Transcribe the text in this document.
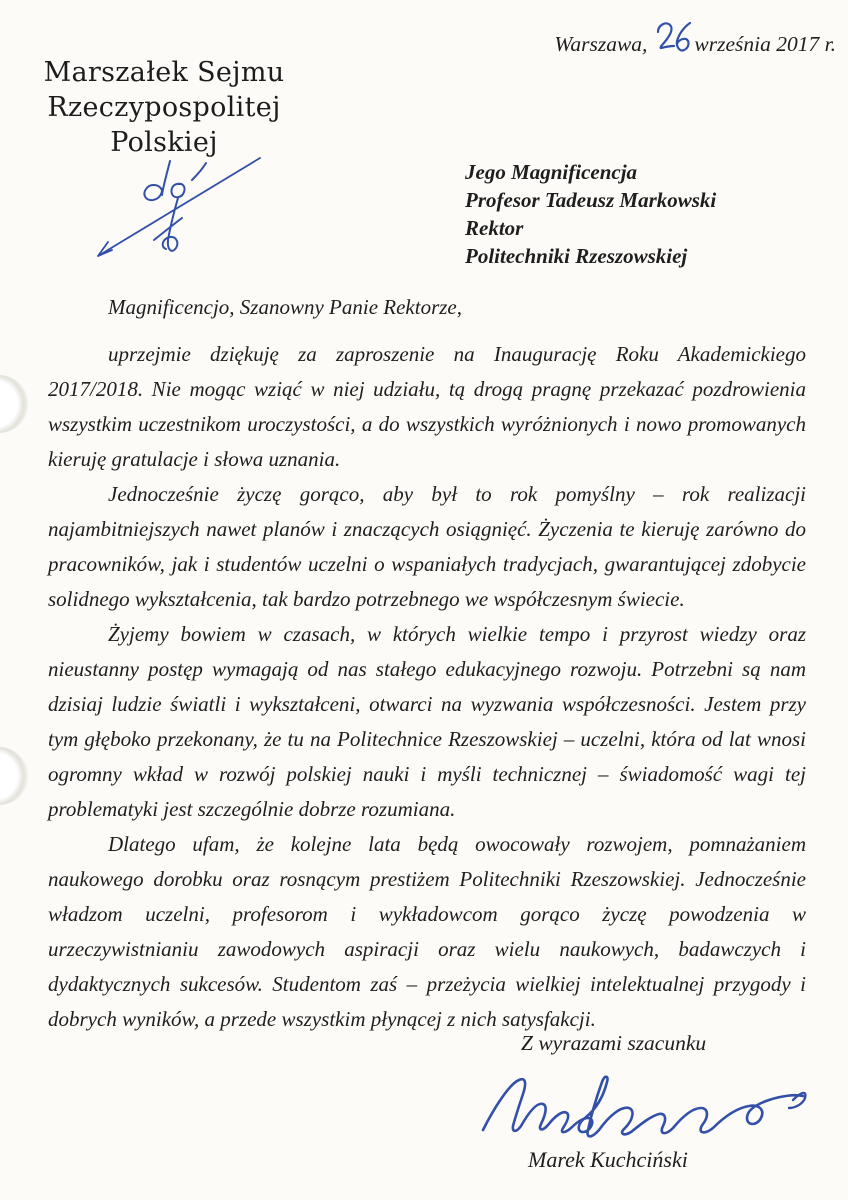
Warszawa, września 2017 r.
Marszałek Sejmu
Rzeczypospolitej Polskiej
Jego Magnificencja
Profesor Tadeusz Markowski
Rektor
Politechniki Rzeszowskiej

Magnificencjo, Szanowny Panie Rektorze,

uprzejmie dziękuję za zaproszenie na Inaugurację Roku Akademickiego 2017/2018. Nie mogąc wziąć w niej udziału, tą drogą pragnę przekazać pozdrowienia wszystkim uczestnikom uroczystości, a do wszystkich wyróżnionych i nowo promowanych kieruję gratulacje i słowa uznania.

Jednocześnie życzę gorąco, aby był to rok pomyślny – rok realizacji najambitniejszych nawet planów i znaczących osiągnięć. Życzenia te kieruję zarówno do pracowników, jak i studentów uczelni o wspaniałych tradycjach, gwarantującej zdobycie solidnego wykształcenia, tak bardzo potrzebnego we współczesnym świecie.

Żyjemy bowiem w czasach, w których wielkie tempo i przyrost wiedzy oraz nieustanny postęp wymagają od nas stałego edukacyjnego rozwoju. Potrzebni są nam dzisiaj ludzie światli i wykształceni, otwarci na wyzwania współczesności. Jestem przy tym głęboko przekonany, że tu na Politechnice Rzeszowskiej – uczelni, która od lat wnosi ogromny wkład w rozwój polskiej nauki i myśli technicznej – świadomość wagi tej problematyki jest szczególnie dobrze rozumiana.

Dlatego ufam, że kolejne lata będą owocowały rozwojem, pomnażaniem naukowego dorobku oraz rosnącym prestiżem Politechniki Rzeszowskiej. Jednocześnie władzom uczelni, profesorom i wykładowcom gorąco życzę powodzenia w urzeczywistnianiu zawodowych aspiracji oraz wielu naukowych, badawczych i dydaktycznych sukcesów. Studentom zaś – przeżycia wielkiej intelektualnej przygody i dobrych wyników, a przede wszystkim płynącej z nich satysfakcji.

Z wyrazami szacunku
Marek Kuchciński
